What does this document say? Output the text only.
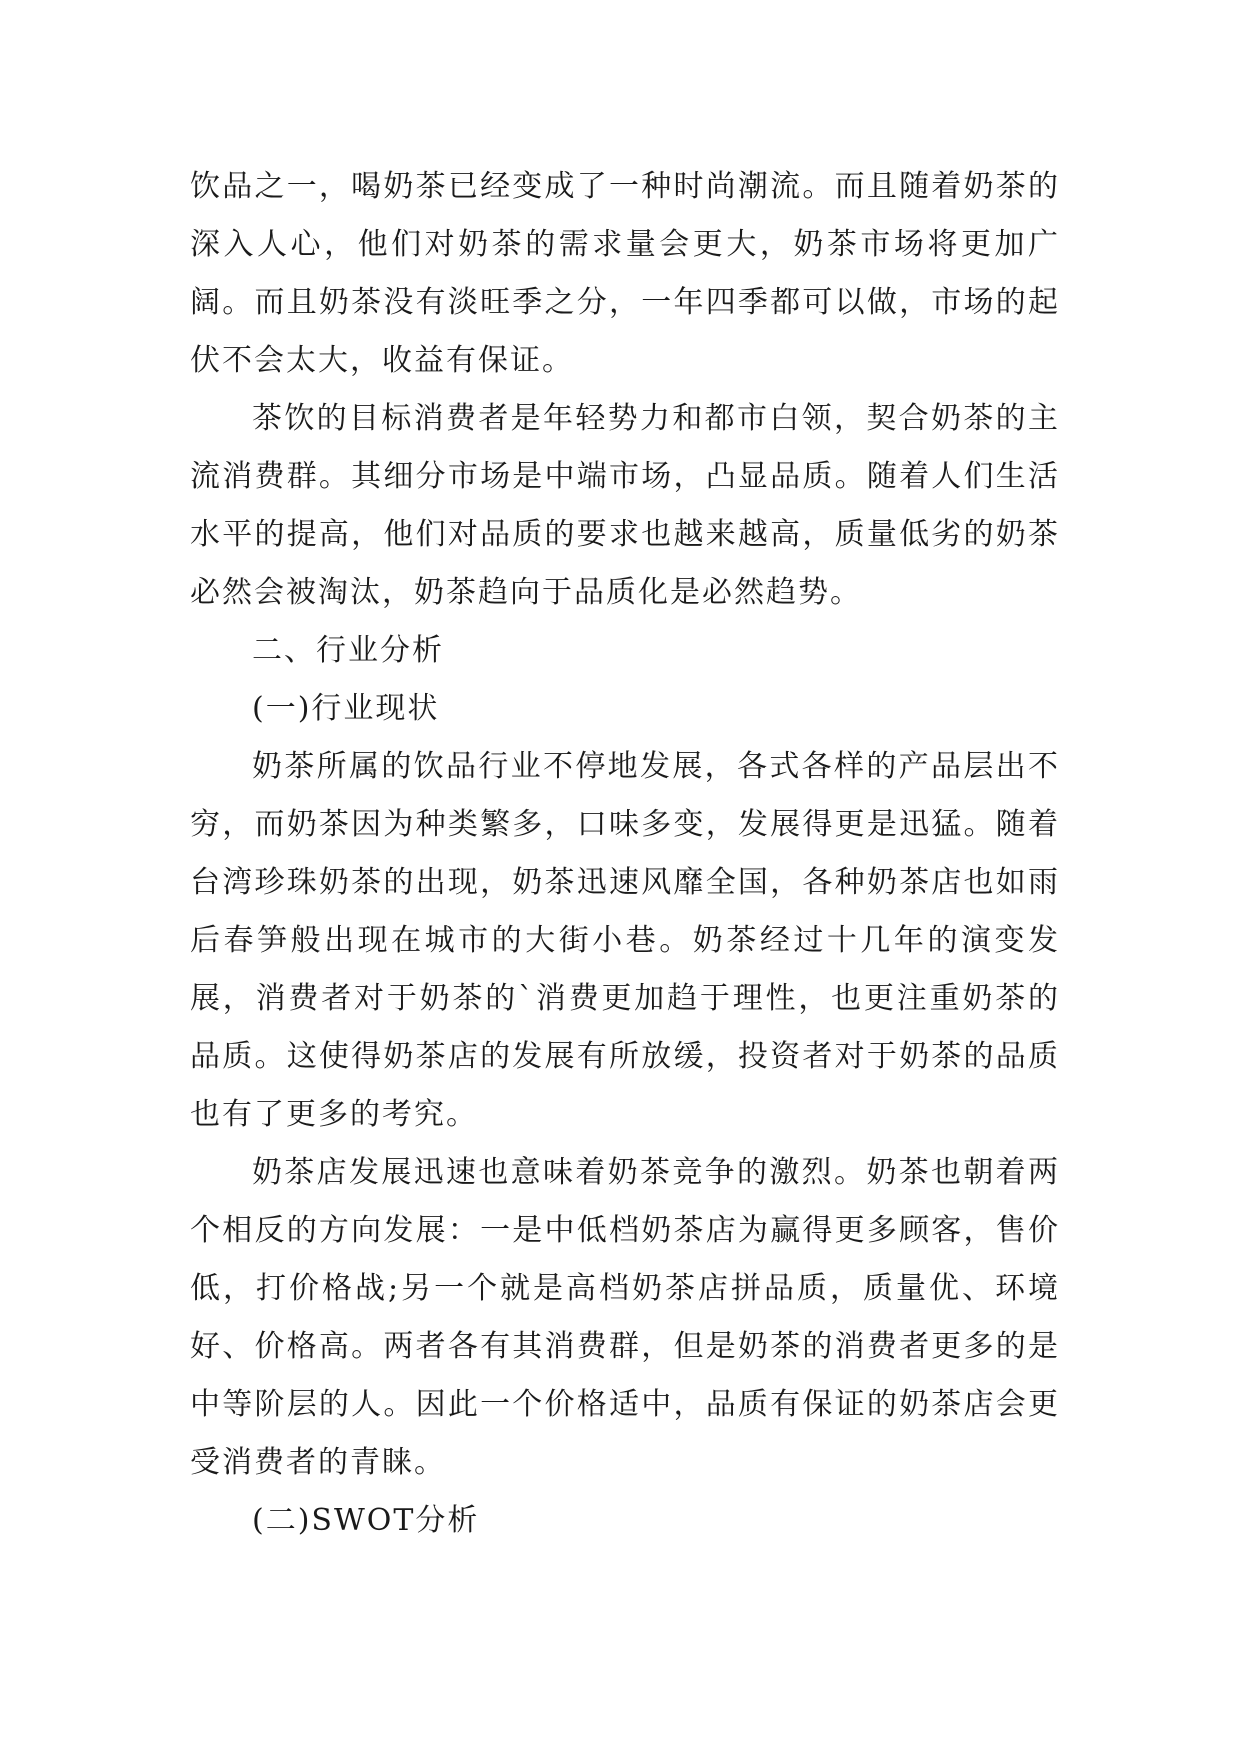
饮品之一，喝奶茶已经变成了一种时尚潮流。而且随着奶茶的深入人心，他们对奶茶的需求量会更大，奶茶市场将更加广阔。而且奶茶没有淡旺季之分，一年四季都可以做，市场的起伏不会太大，收益有保证。

茶饮的目标消费者是年轻势力和都市白领，契合奶茶的主流消费群。其细分市场是中端市场，凸显品质。随着人们生活水平的提高，他们对品质的要求也越来越高，质量低劣的奶茶必然会被淘汰，奶茶趋向于品质化是必然趋势。

二、行业分析

(一)行业现状

奶茶所属的饮品行业不停地发展，各式各样的产品层出不穷，而奶茶因为种类繁多，口味多变，发展得更是迅猛。随着台湾珍珠奶茶的出现，奶茶迅速风靡全国，各种奶茶店也如雨后春笋般出现在城市的大街小巷。奶茶经过十几年的演变发展，消费者对于奶茶的`消费更加趋于理性，也更注重奶茶的品质。这使得奶茶店的发展有所放缓，投资者对于奶茶的品质也有了更多的考究。

奶茶店发展迅速也意味着奶茶竞争的激烈。奶茶也朝着两个相反的方向发展：一是中低档奶茶店为赢得更多顾客，售价低，打价格战;另一个就是高档奶茶店拼品质，质量优、环境好、价格高。两者各有其消费群，但是奶茶的消费者更多的是中等阶层的人。因此一个价格适中，品质有保证的奶茶店会更受消费者的青睐。

(二)SWOT分析
